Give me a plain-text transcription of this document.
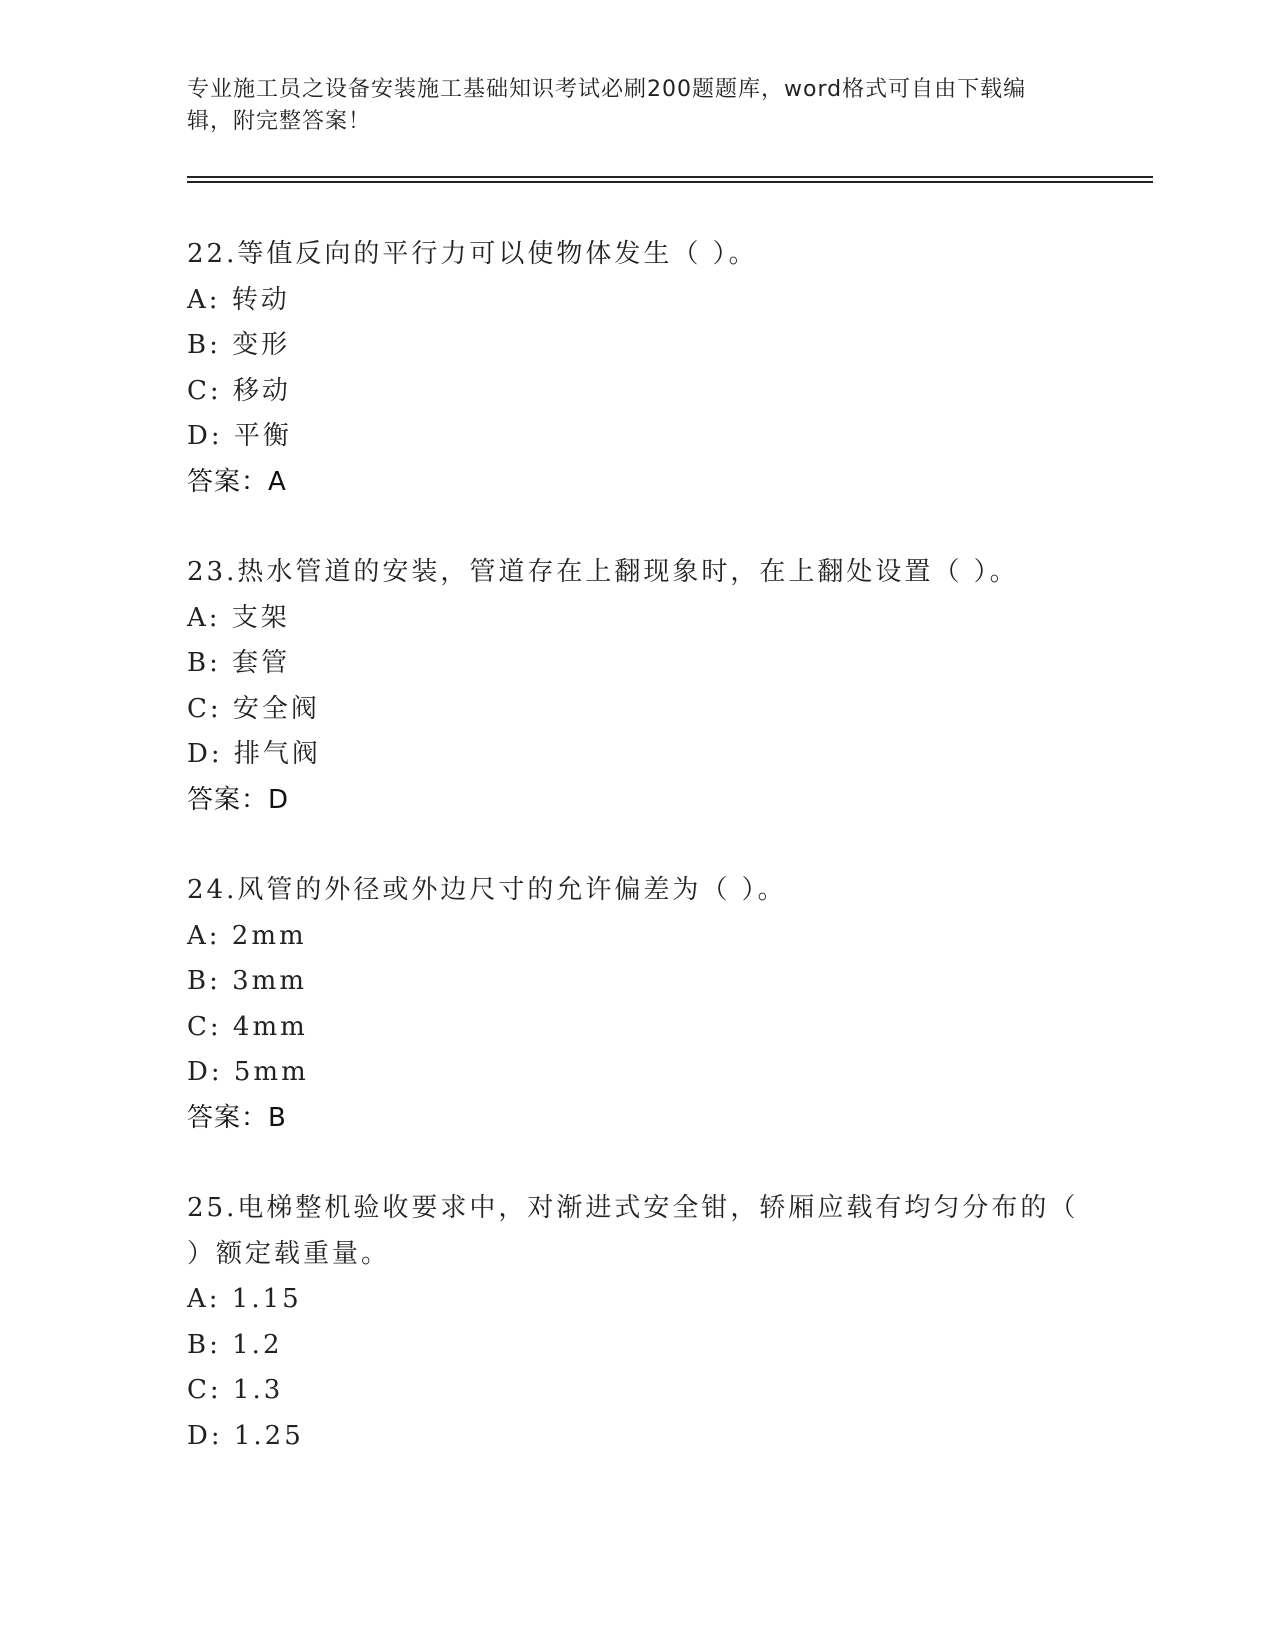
专业施工员之设备安装施工基础知识考试必刷200题题库，word格式可自由下载编辑，附完整答案！
22.等值反向的平行力可以使物体发生（ ）。
A: 转动
B: 变形
C: 移动
D: 平衡
答案：A
23.热水管道的安装，管道存在上翻现象时，在上翻处设置（ ）。
A: 支架
B: 套管
C: 安全阀
D: 排气阀
答案：D
24.风管的外径或外边尺寸的允许偏差为（ ）。
A: 2mm
B: 3mm
C: 4mm
D: 5mm
答案：B
25.电梯整机验收要求中，对渐进式安全钳，轿厢应载有均匀分布的（ ）额定载重量。
A: 1.15
B: 1.2
C: 1.3
D: 1.25
